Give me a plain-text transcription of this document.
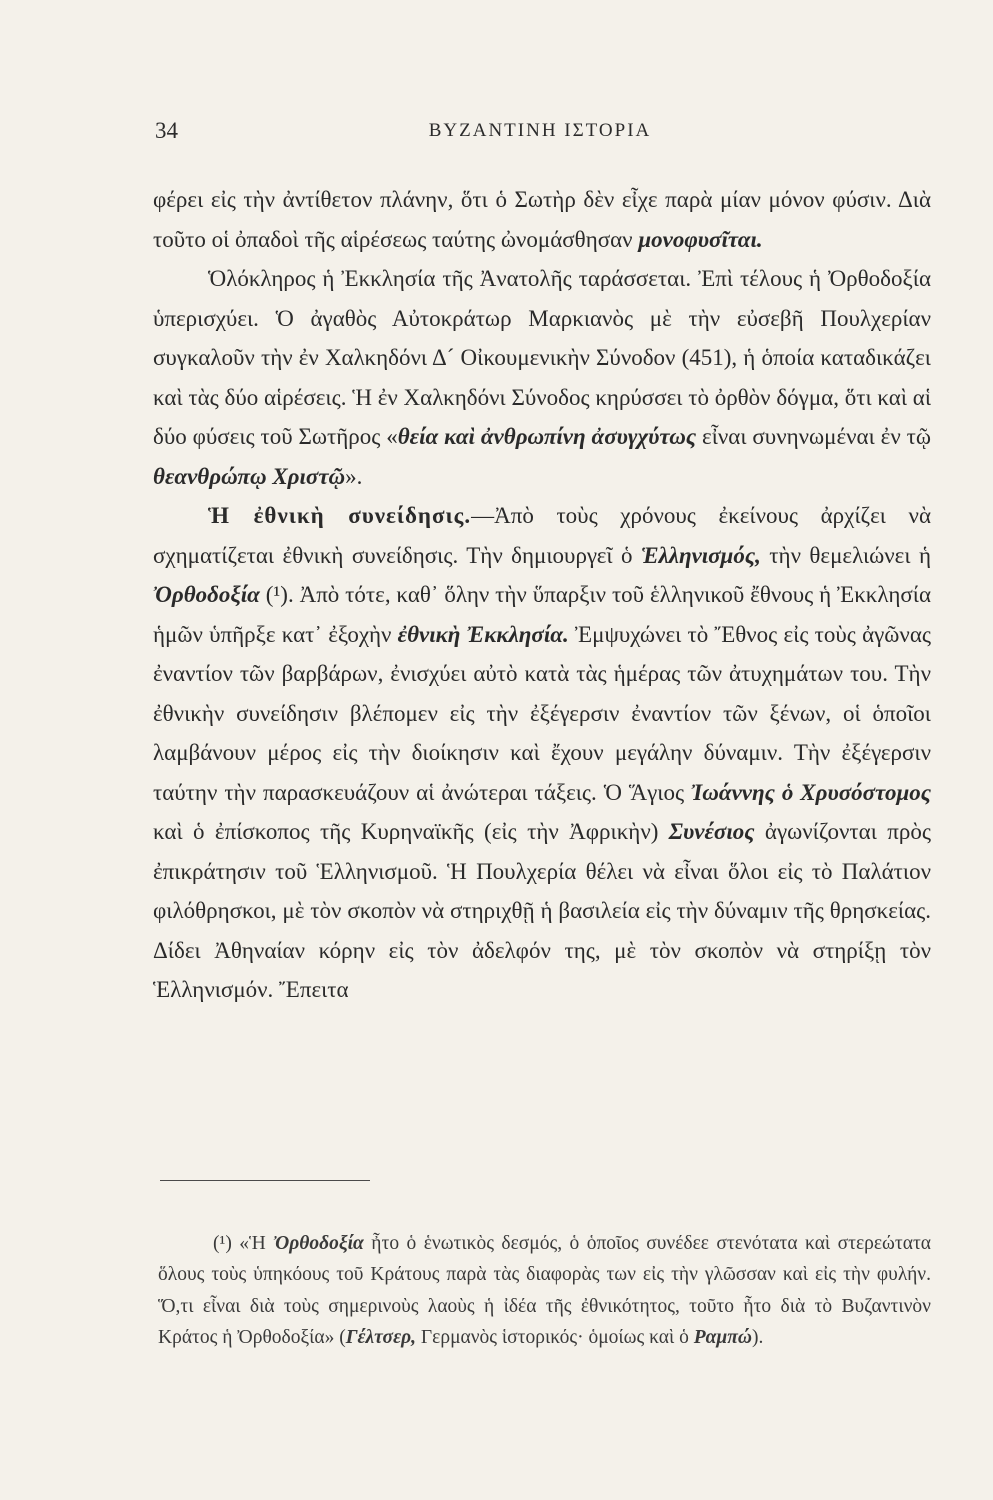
34	ΒΥΖΑΝΤΙΝΗ ΙΣΤΟΡΙΑ

φέρει εἰς τὴν ἀντίθετον πλάνην, ὅτι ὁ Σωτὴρ δὲν εἶχε παρὰ μίαν μόνον φύσιν. Διὰ τοῦτο οἱ ὀπαδοὶ τῆς αἱρέσεως ταύτης ὠνομάσθησαν μονοφυσῖται.

Ὁλόκληρος ἡ Ἐκκλησία τῆς Ἀνατολῆς ταράσσεται. Ἐπὶ τέλους ἡ Ὀρθοδοξία ὑπερισχύει. Ὁ ἀγαθὸς Αὐτοκράτωρ Μαρκιανὸς μὲ τὴν εὐσεβῆ Πουλχερίαν συγκαλοῦν τὴν ἐν Χαλκηδόνι Δ´ Οἰκουμενικὴν Σύνοδον (451), ἡ ὁποία καταδικάζει καὶ τὰς δύο αἱρέσεις. Ἡ ἐν Χαλκηδόνι Σύνοδος κηρύσσει τὸ ὀρθὸν δόγμα, ὅτι καὶ αἱ δύο φύσεις τοῦ Σωτῆρος «θεία καὶ ἀνθρωπίνη ἀσυγχύτως εἶναι συνηνωμέναι ἐν τῷ θεανθρώπῳ Χριστῷ».

Ἡ ἐθνικὴ συνείδησις.—Ἀπὸ τοὺς χρόνους ἐκείνους ἀρχίζει νὰ σχηματίζεται ἐθνικὴ συνείδησις. Τὴν δημιουργεῖ ὁ Ἑλληνισμός, τὴν θεμελιώνει ἡ Ὀρθοδοξία (¹). Ἀπὸ τότε, καθ᾽ ὅλην τὴν ὕπαρξιν τοῦ ἑλληνικοῦ ἔθνους ἡ Ἐκκλησία ἡμῶν ὑπῆρξε κατ᾽ ἐξοχὴν ἐθνικὴ Ἐκκλησία. Ἐμψυχώνει τὸ Ἔθνος εἰς τοὺς ἀγῶνας ἐναντίον τῶν βαρβάρων, ἐνισχύει αὐτὸ κατὰ τὰς ἡμέρας τῶν ἀτυχημάτων του. Τὴν ἐθνικὴν συνείδησιν βλέπομεν εἰς τὴν ἐξέγερσιν ἐναντίον τῶν ξένων, οἱ ὁποῖοι λαμβάνουν μέρος εἰς τὴν διοίκησιν καὶ ἔχουν μεγάλην δύναμιν. Τὴν ἐξέγερσιν ταύτην τὴν παρασκευάζουν αἱ ἀνώτεραι τάξεις. Ὁ Ἅγιος Ἰωάννης ὁ Χρυσόστομος καὶ ὁ ἐπίσκοπος τῆς Κυρηναϊκῆς (εἰς τὴν Ἀφρικὴν) Συνέσιος ἀγωνίζονται πρὸς ἐπικράτησιν τοῦ Ἑλληνισμοῦ. Ἡ Πουλχερία θέλει νὰ εἶναι ὅλοι εἰς τὸ Παλάτιον φιλόθρησκοι, μὲ τὸν σκοπὸν νὰ στηριχθῇ ἡ βασιλεία εἰς τὴν δύναμιν τῆς θρησκείας. Δίδει Ἀθηναίαν κόρην εἰς τὸν ἀδελφόν της, μὲ τὸν σκοπὸν νὰ στηρίξῃ τὸν Ἑλληνισμόν. Ἔπειτα

(¹) «Ἡ Ὀρθοδοξία ἦτο ὁ ἑνωτικὸς δεσμός, ὁ ὁποῖος συνέδεε στενότατα καὶ στερεώτατα ὅλους τοὺς ὑπηκόους τοῦ Κράτους παρὰ τὰς διαφορὰς των εἰς τὴν γλῶσσαν καὶ εἰς τὴν φυλήν. Ὅ,τι εἶναι διὰ τοὺς σημερινοὺς λαοὺς ἡ ἰδέα τῆς ἐθνικότητος, τοῦτο ἦτο διὰ τὸ Βυζαντινὸν Κράτος ἡ Ὀρθοδοξία» (Γέλτσερ, Γερμανὸς ἱστορικός· ὁμοίως καὶ ὁ Ραμπώ).
